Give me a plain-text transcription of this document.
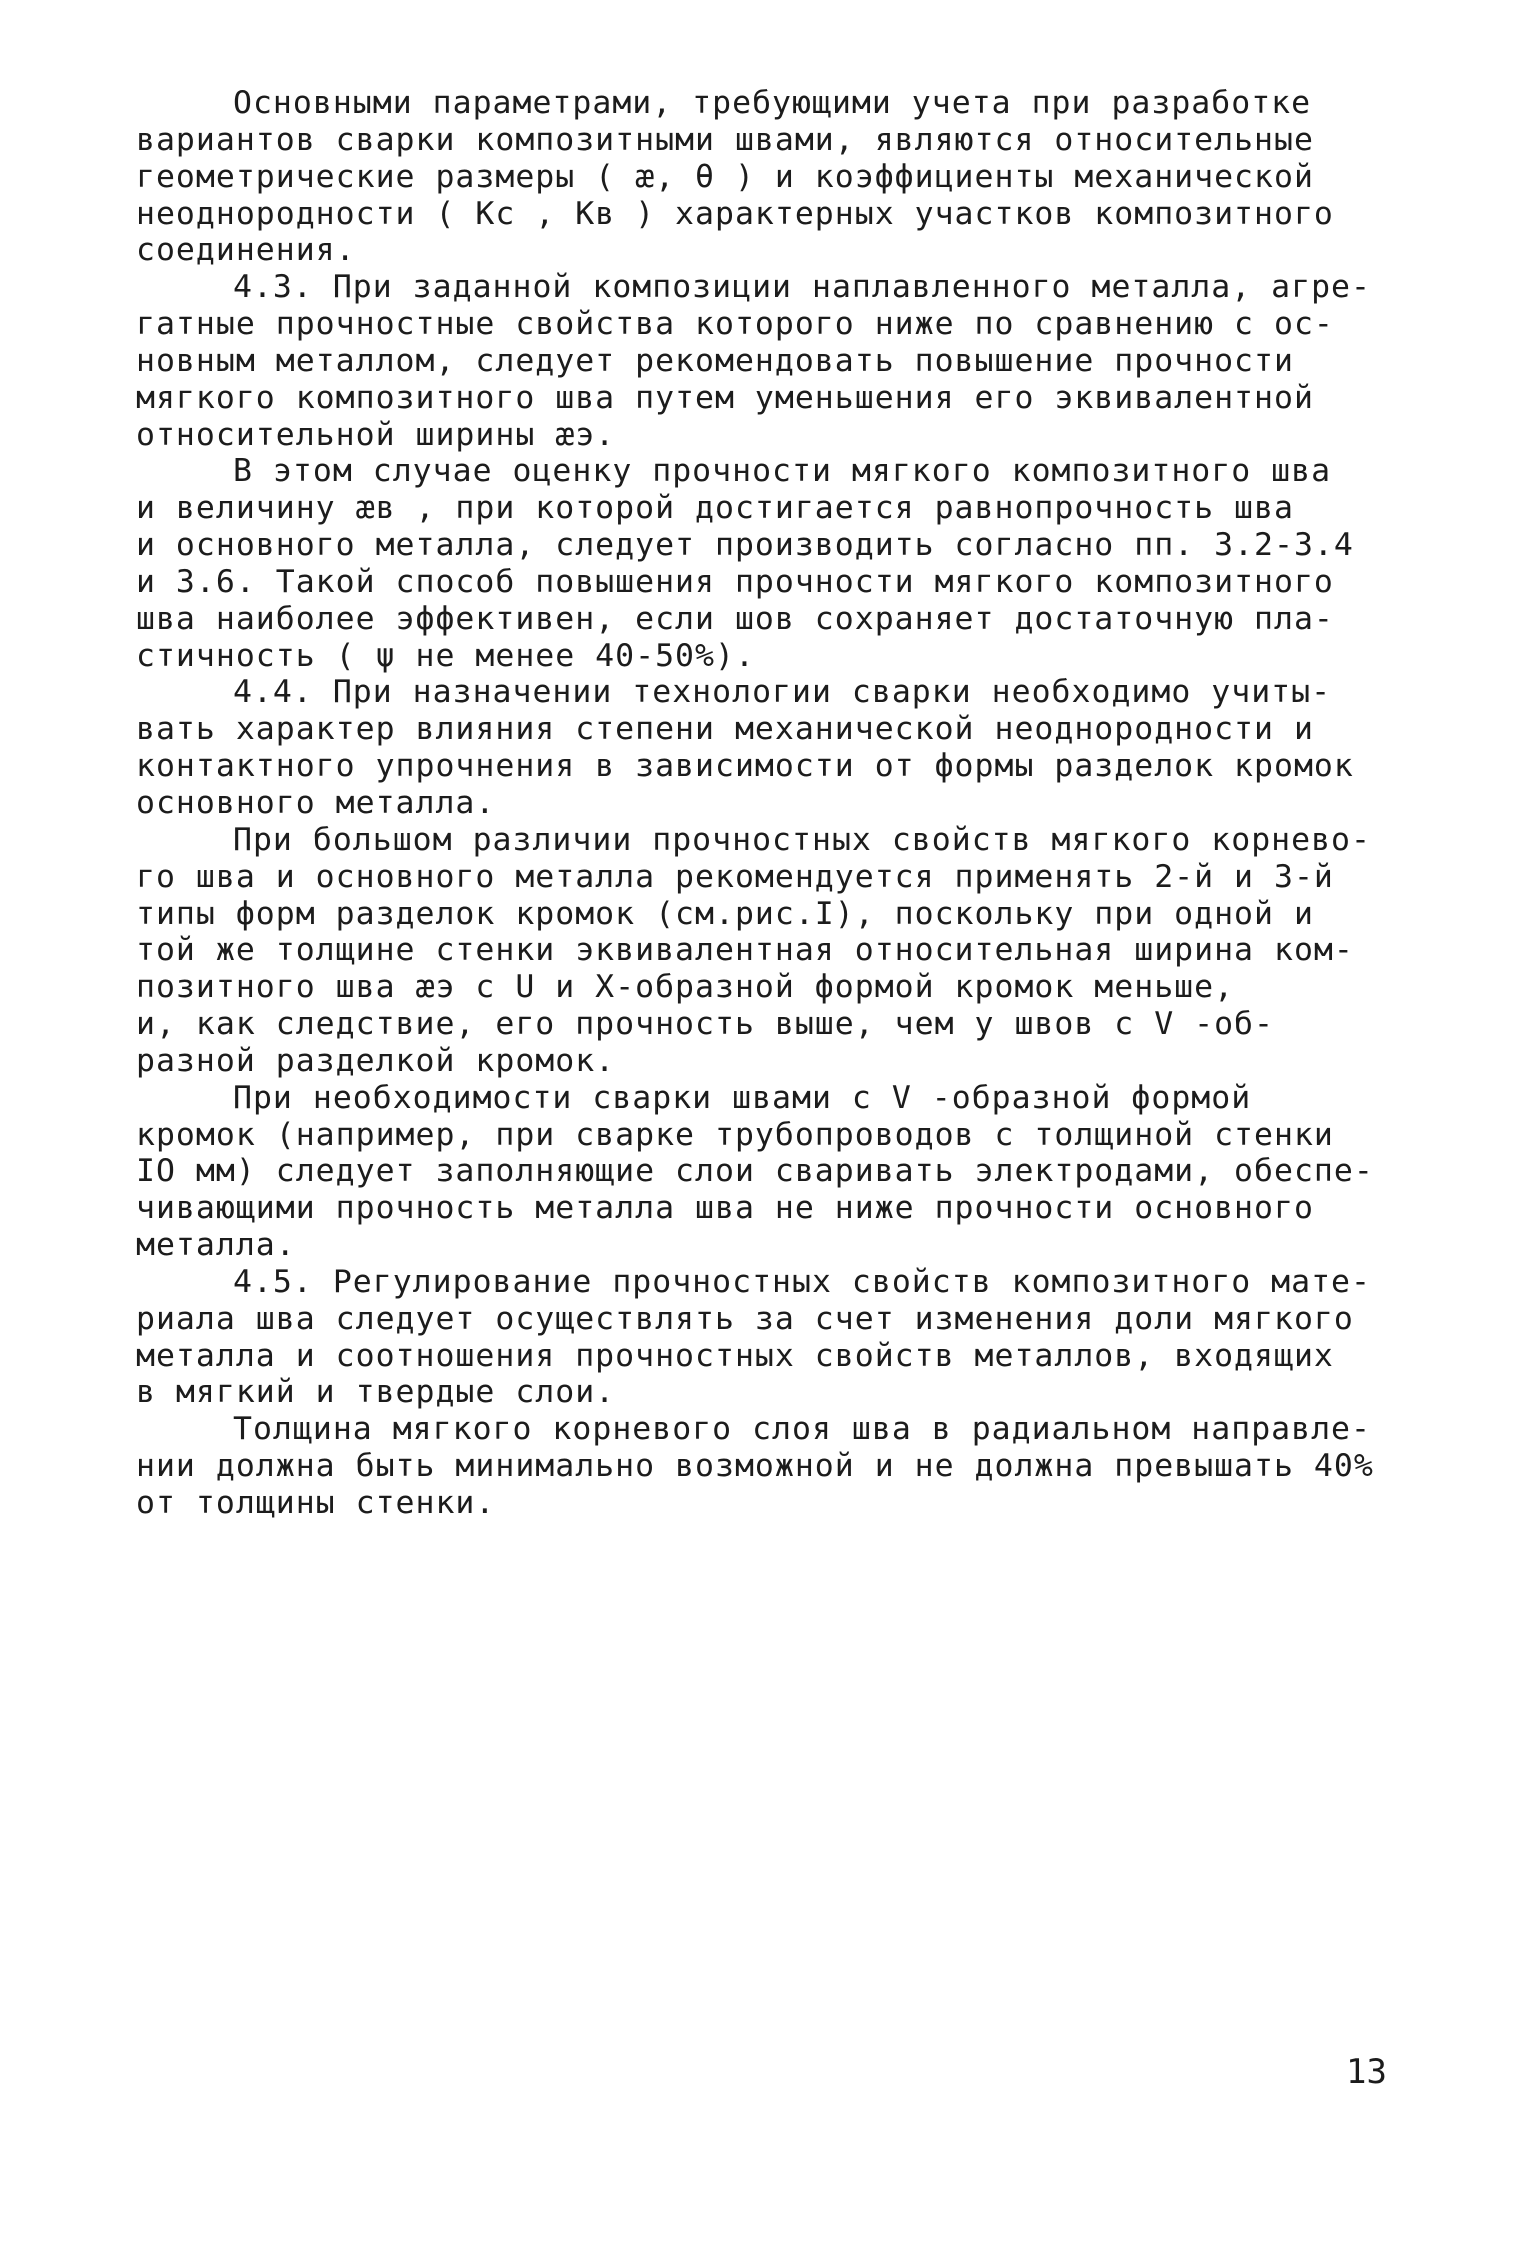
Основными параметрами, требующими учета при разработке
вариантов сварки композитными швами, являются относительные
геометрические размеры ( ӕ, θ ) и коэффициенты механической
неоднородности ( Kc , Kв ) характерных участков композитного
соединения.
4.3. При заданной композиции наплавленного металла, агре-
гатные прочностные свойства которого ниже по сравнению с ос-
новным металлом, следует рекомендовать повышение прочности
мягкого композитного шва путем уменьшения его эквивалентной
относительной ширины ӕэ.
В этом случае оценку прочности мягкого композитного шва
и величину ӕв , при которой достигается равнопрочность шва
и основного металла, следует производить согласно пп. 3.2-3.4
и 3.6. Такой способ повышения прочности мягкого композитного
шва наиболее эффективен, если шов сохраняет достаточную пла-
стичность ( ψ не менее 40-50%).
4.4. При назначении технологии сварки необходимо учиты-
вать характер влияния степени механической неоднородности и
контактного упрочнения в зависимости от формы разделок кромок
основного металла.
При большом различии прочностных свойств мягкого корнево-
го шва и основного металла рекомендуется применять 2-й и 3-й
типы форм разделок кромок (см.рис.I), поскольку при одной и
той же толщине стенки эквивалентная относительная ширина ком-
позитного шва ӕэ с U и Х-образной формой кромок меньше,
и, как следствие, его прочность выше, чем у швов с V -об-
разной разделкой кромок.
При необходимости сварки швами с V -образной формой
кромок (например, при сварке трубопроводов с толщиной стенки
IO мм) следует заполняющие слои сваривать электродами, обеспе-
чивающими прочность металла шва не ниже прочности основного
металла.
4.5. Регулирование прочностных свойств композитного мате-
риала шва следует осуществлять за счет изменения доли мягкого
металла и соотношения прочностных свойств металлов, входящих
в мягкий и твердые слои.
Толщина мягкого корневого слоя шва в радиальном направле-
нии должна быть минимально возможной и не должна превышать 40%
от толщины стенки.
13
